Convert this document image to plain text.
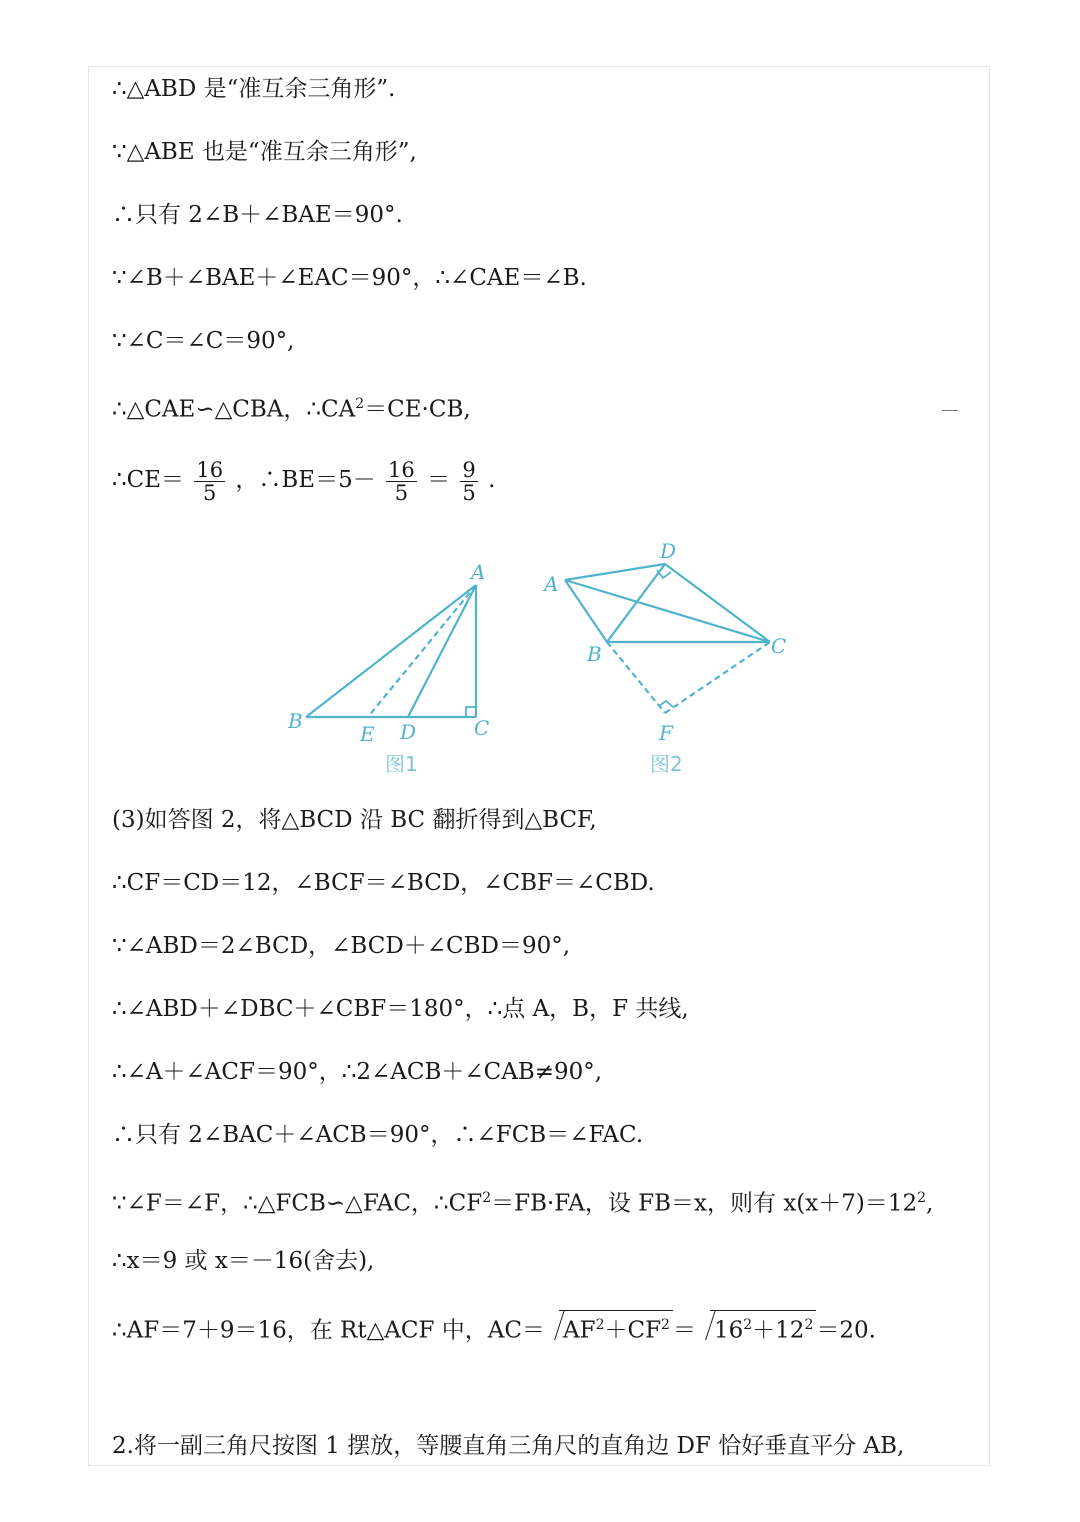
∴△ABD 是“准互余三角形”.
∵△ABE 也是“准互余三角形”,
∴只有 2∠B＋∠BAE＝90°.
∵∠B＋∠BAE＋∠EAC＝90°，∴∠CAE＝∠B.
∵∠C＝∠C＝90°,
∴△CAE∽△CBA，$\therefore CA^2=CE\cdot CB$,
∴CE＝ $\frac{16}{5}$ ，∴BE＝5－ $\frac{16}{5} = \frac{9}{5}$ .
A
B	C
D
E
图1
D
A
B	C
F
图2
(3)如答图 2，将△BCD 沿 BC 翻折得到△BCF,
∴CF＝CD＝12，∠BCF＝∠BCD，∠CBF＝∠CBD.
∵∠ABD＝2∠BCD，∠BCD＋∠CBD＝90°,
∴∠ABD＋∠DBC＋∠CBF＝180°，∴点 A，B，F 共线,
∴∠A＋∠ACF＝90°，∴2∠ACB＋∠CAB≠90°,
∴只有 2∠BAC＋∠ACB＝90°，∴∠FCB＝∠FAC.
∵∠F＝∠F，∴△FCB∽△FAC，$\therefore CF^2=FB\cdot FA$，设 FB＝x，则有 $x(x+7)=12^2$,
∴x＝9 或 x＝－16(舍去),
∴AF＝7＋9＝16，在 Rt△ACF 中，$AC= AF^2+CF^2 = 16^2+12^2 =20$.
2.将一副三角尺按图 1 摆放，等腰直角三角尺的直角边 DF 恰好垂直平分 AB,
